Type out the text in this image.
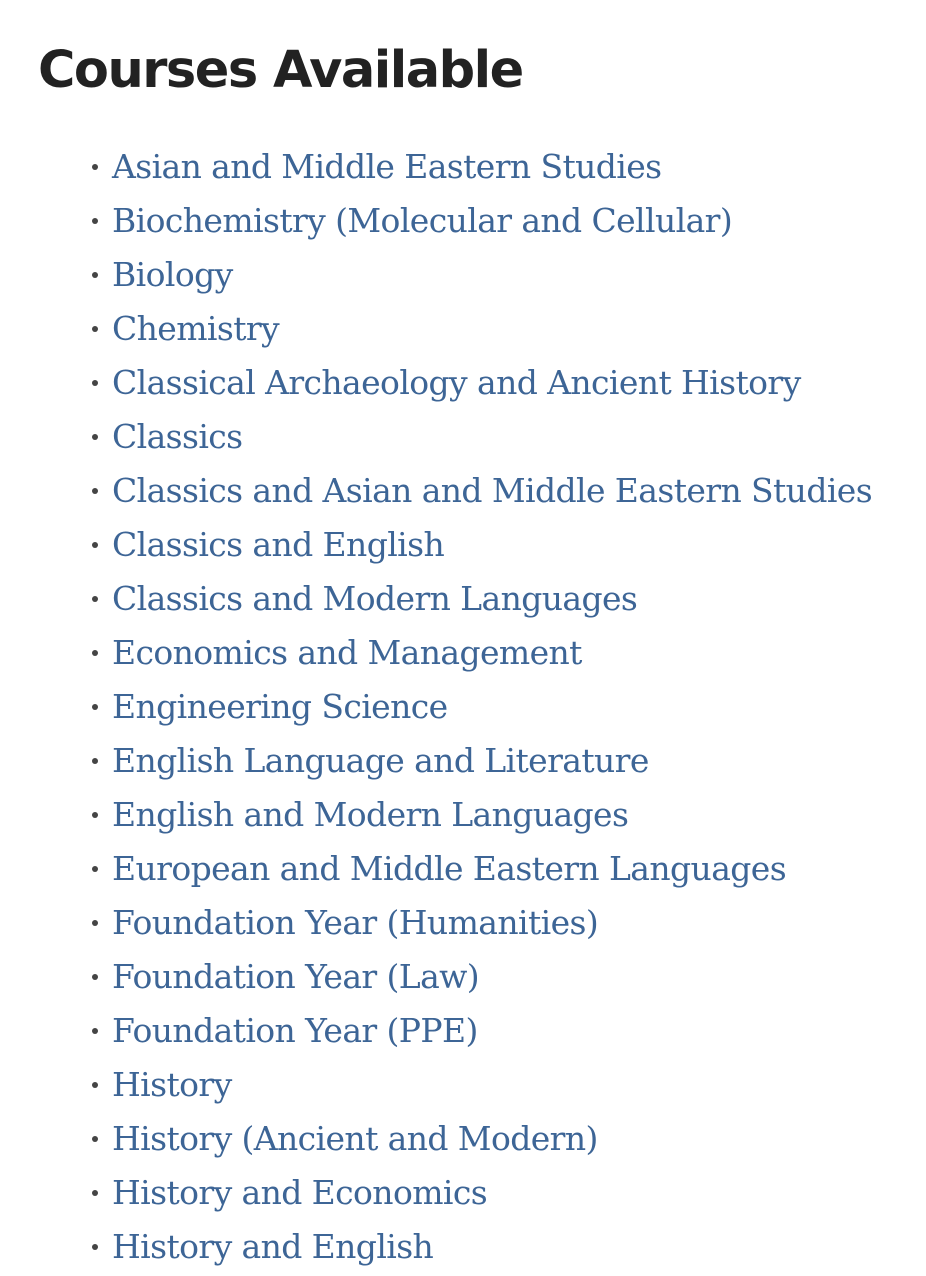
Courses Available
Asian and Middle Eastern Studies
Biochemistry (Molecular and Cellular)
Biology
Chemistry
Classical Archaeology and Ancient History
Classics
Classics and Asian and Middle Eastern Studies
Classics and English
Classics and Modern Languages
Economics and Management
Engineering Science
English Language and Literature
English and Modern Languages
European and Middle Eastern Languages
Foundation Year (Humanities)
Foundation Year (Law)
Foundation Year (PPE)
History
History (Ancient and Modern)
History and Economics
History and English
